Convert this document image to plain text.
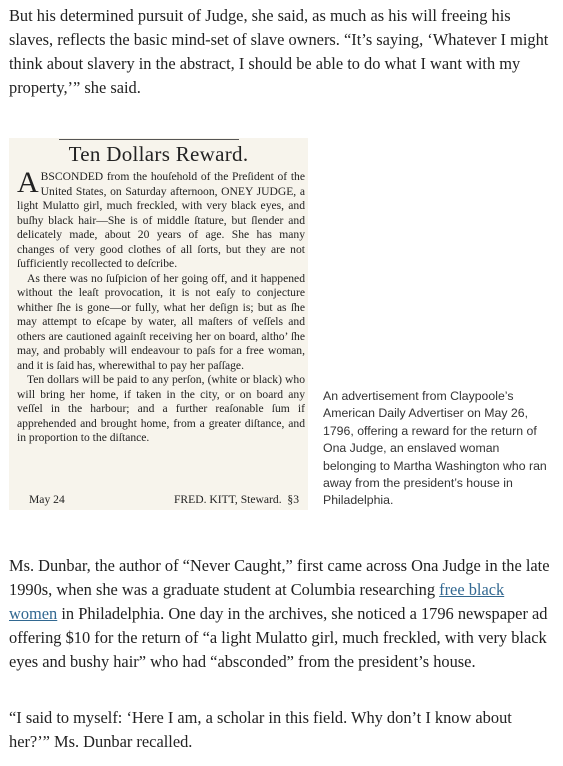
But his determined pursuit of Judge, she said, as much as his will freeing his slaves, reflects the basic mind-set of slave owners. “It’s saying, ‘Whatever I might think about slavery in the abstract, I should be able to do what I want with my property,’” she said.

Ten Dollars Reward.

ABSCONDED from the houſehold of the Preſident of the United States, on Saturday afternoon, ONEY JUDGE, a light Mulatto girl, much freckled, with very black eyes, and buſhy black hair—She is of middle ſtature, but ſlender and delicately made, about 20 years of age. She has many changes of very good clothes of all ſorts, but they are not ſufficiently recollected to deſcribe.

As there was no ſuſpicion of her going off, and it happened without the leaſt provocation, it is not eaſy to conjecture whither ſhe is gone—or fully, what her deſign is; but as ſhe may attempt to eſcape by water, all maſters of veſſels and others are cautioned againſt receiving her on board, altho’ ſhe may, and probably will endeavour to paſs for a free woman, and it is ſaid has, wherewithal to pay her paſſage.

Ten dollars will be paid to any perſon, (white or black) who will bring her home, if taken in the city, or on board any veſſel in the harbour; and a further reaſonable ſum if apprehended and brought home, from a greater diſtance, and in proportion to the diſtance.

May 24	FRED. KITT, Steward. §3

An advertisement from Claypoole’s American Daily Advertiser on May 26, 1796, offering a reward for the return of Ona Judge, an enslaved woman belonging to Martha Washington who ran away from the president’s house in Philadelphia.

Ms. Dunbar, the author of “Never Caught,” first came across Ona Judge in the late 1990s, when she was a graduate student at Columbia researching free black women in Philadelphia. One day in the archives, she noticed a 1796 newspaper ad offering $10 for the return of “a light Mulatto girl, much freckled, with very black eyes and bushy hair” who had “absconded” from the president’s house.

“I said to myself: ‘Here I am, a scholar in this field. Why don’t I know about her?’” Ms. Dunbar recalled.
